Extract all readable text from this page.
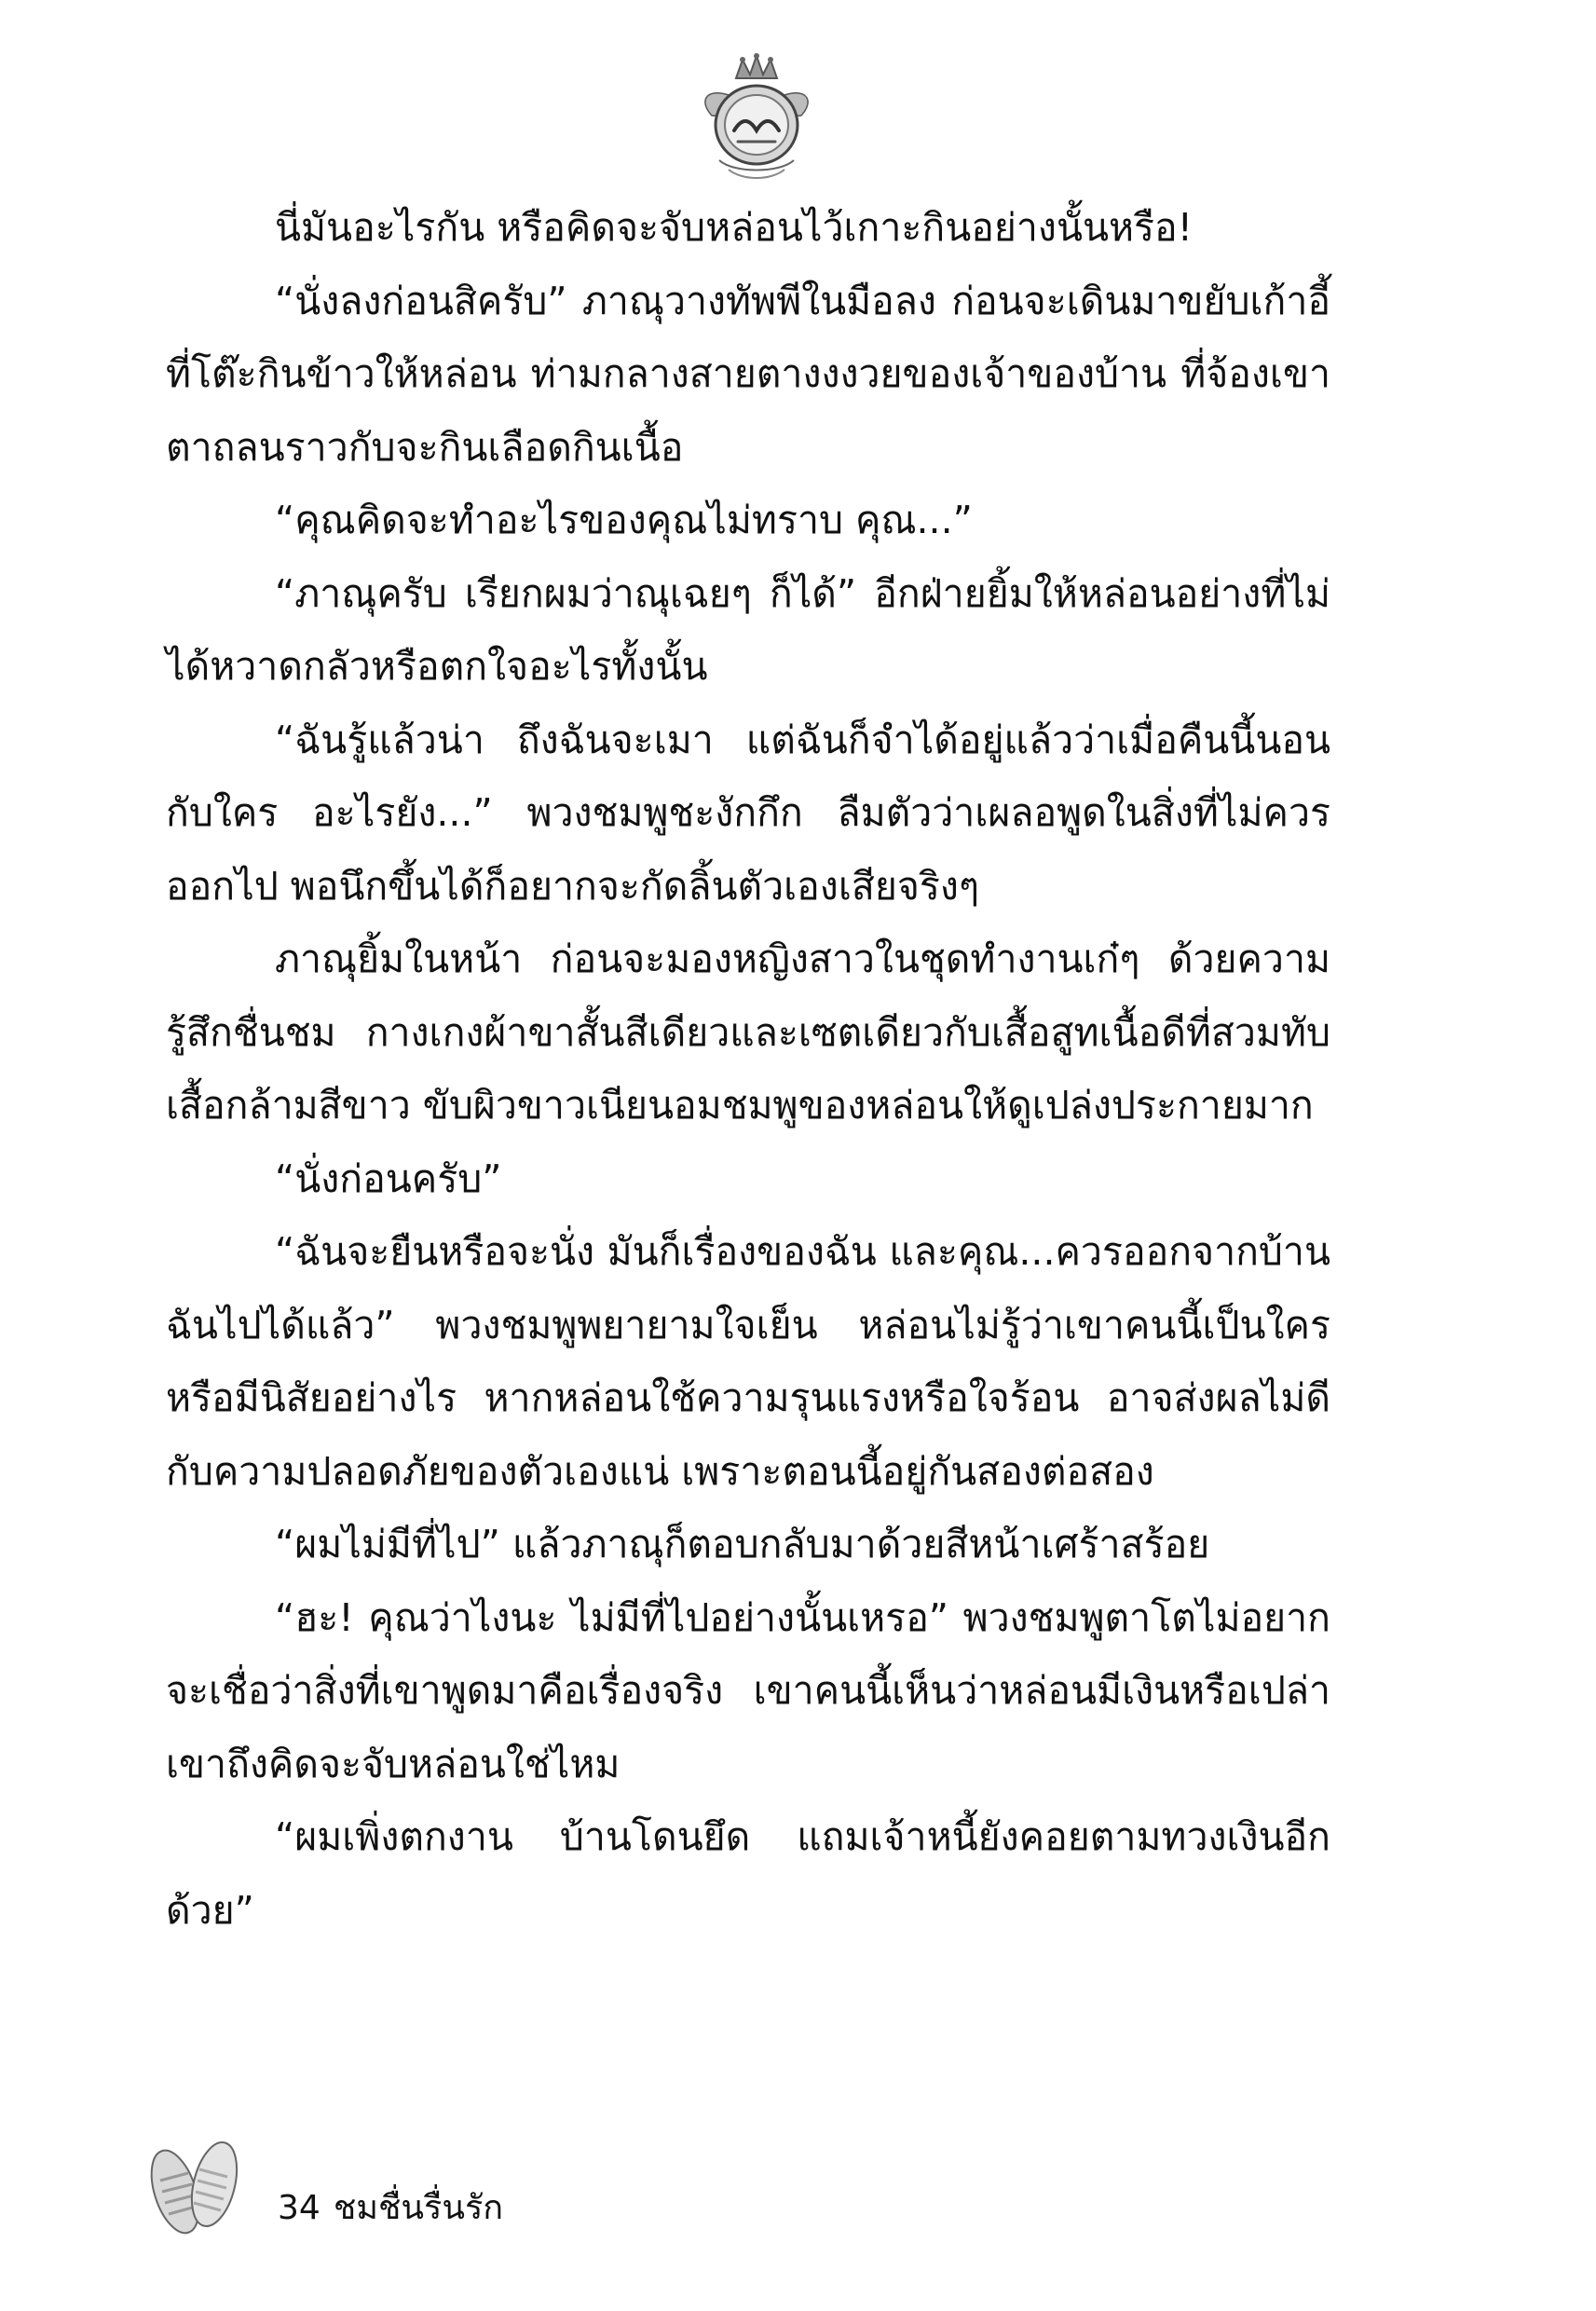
นี่มันอะไรกัน หรือคิดจะจับหล่อนไว้เกาะกินอย่างนั้นหรือ!

“นั่งลงก่อนสิครับ” ภาณุวางทัพพีในมือลง ก่อนจะเดินมาขยับเก้าอี้ที่โต๊ะกินข้าวให้หล่อน ท่ามกลางสายตางงงวยของเจ้าของบ้าน ที่จ้องเขาตาถลนราวกับจะกินเลือดกินเนื้อ

“คุณคิดจะทำอะไรของคุณไม่ทราบ คุณ...”

“ภาณุครับ เรียกผมว่าณุเฉยๆ ก็ได้” อีกฝ่ายยิ้มให้หล่อนอย่างที่ไม่ได้หวาดกลัวหรือตกใจอะไรทั้งนั้น

“ฉันรู้แล้วน่า ถึงฉันจะเมา แต่ฉันก็จำได้อยู่แล้วว่าเมื่อคืนนี้นอนกับใคร อะไรยัง...” พวงชมพูชะงักกึก ลืมตัวว่าเผลอพูดในสิ่งที่ไม่ควรออกไป พอนึกขึ้นได้ก็อยากจะกัดลิ้นตัวเองเสียจริงๆ

ภาณุยิ้มในหน้า ก่อนจะมองหญิงสาวในชุดทำงานเก๋ๆ ด้วยความรู้สึกชื่นชม กางเกงผ้าขาสั้นสีเดียวและเซตเดียวกับเสื้อสูทเนื้อดีที่สวมทับเสื้อกล้ามสีขาว ขับผิวขาวเนียนอมชมพูของหล่อนให้ดูเปล่งประกายมาก

“นั่งก่อนครับ”

“ฉันจะยืนหรือจะนั่ง มันก็เรื่องของฉัน และคุณ...ควรออกจากบ้านฉันไปได้แล้ว” พวงชมพูพยายามใจเย็น หล่อนไม่รู้ว่าเขาคนนี้เป็นใคร หรือมีนิสัยอย่างไร หากหล่อนใช้ความรุนแรงหรือใจร้อน อาจส่งผลไม่ดีกับความปลอดภัยของตัวเองแน่ เพราะตอนนี้อยู่กันสองต่อสอง

“ผมไม่มีที่ไป” แล้วภาณุก็ตอบกลับมาด้วยสีหน้าเศร้าสร้อย

“ฮะ! คุณว่าไงนะ ไม่มีที่ไปอย่างนั้นเหรอ” พวงชมพูตาโตไม่อยากจะเชื่อว่าสิ่งที่เขาพูดมาคือเรื่องจริง เขาคนนี้เห็นว่าหล่อนมีเงินหรือเปล่า เขาถึงคิดจะจับหล่อนใช่ไหม

“ผมเพิ่งตกงาน บ้านโดนยึด แถมเจ้าหนี้ยังคอยตามทวงเงินอีกด้วย”

34 ชมชื่นรื่นรัก
